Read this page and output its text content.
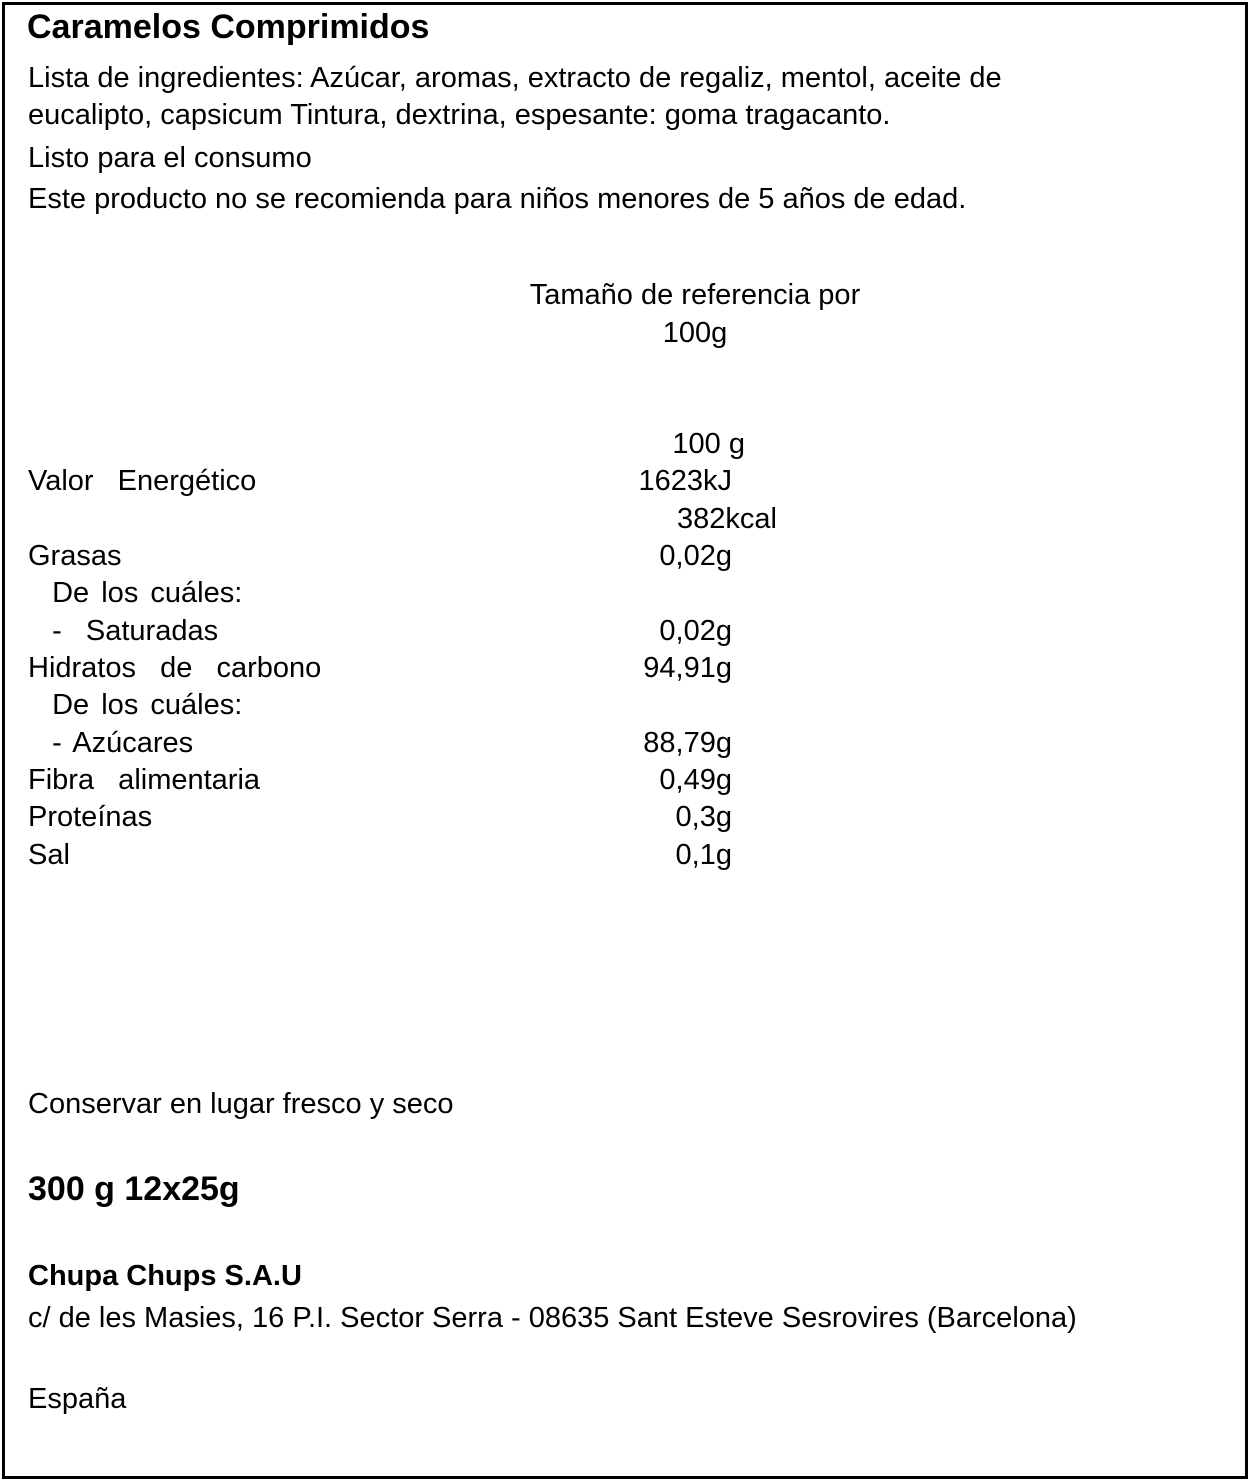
Caramelos Comprimidos
Lista de ingredientes: Azúcar, aromas, extracto de regaliz, mentol, aceite de
eucalipto, capsicum Tintura, dextrina, espesante: goma tragacanto.
Listo para el consumo
Este producto no se recomienda para niños menores de 5 años de edad.
Tamaño de referencia por
100g
100 g
Valor  Energético	1623kJ
382kcal
Grasas	0,02g
De los cuáles:
-  Saturadas	0,02g
Hidratos  de  carbono	94,91g
De los cuáles:
- Azúcares	88,79g
Fibra  alimentaria	0,49g
Proteínas	0,3g
Sal	0,1g
Conservar en lugar fresco y seco
300 g 12x25g
Chupa Chups S.A.U
c/ de les Masies, 16 P.I. Sector Serra - 08635 Sant Esteve Sesrovires (Barcelona)
España
